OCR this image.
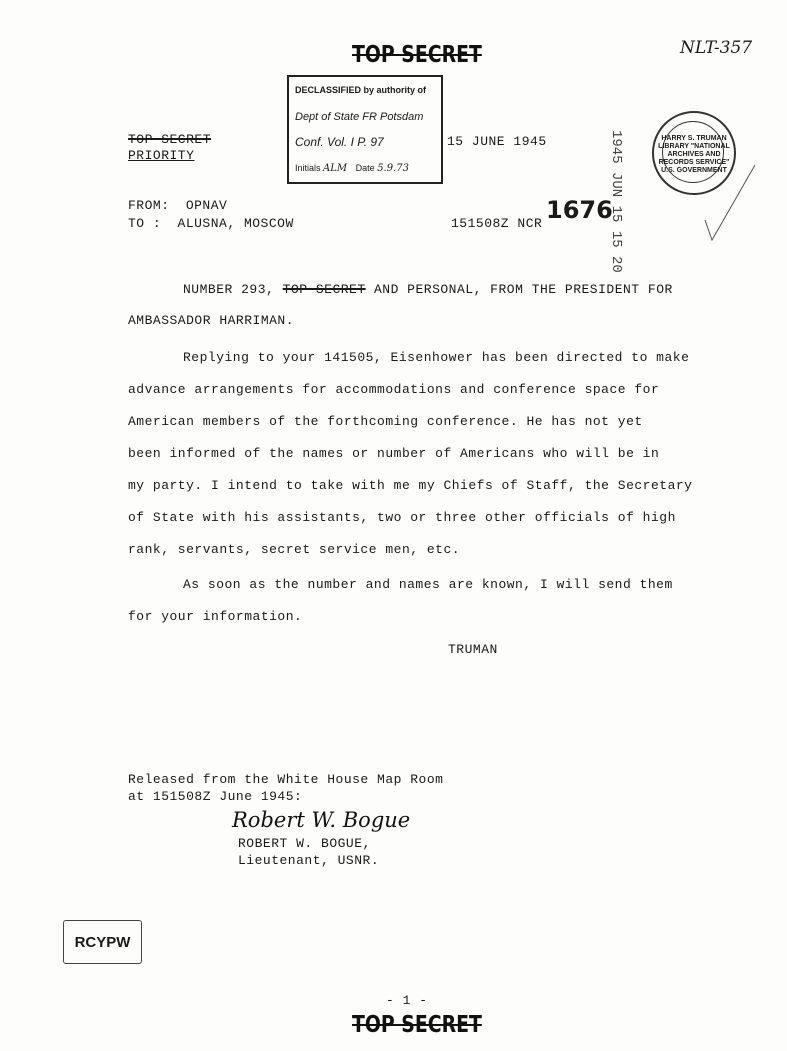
TOP SECRET	NLT-357
DECLASSIFIED by authority of
Dept of State FR Potsdam
Conf. Vol. I P. 97
Initials ALM Date 5.9.73
HARRY S. TRUMAN LIBRARY "NATIONAL ARCHIVES AND RECORDS SERVICE" U.S. GOVERNMENT
1945 JUN 15 15 20
TOP SECRET
PRIORITY
15 JUNE 1945
FROM: OPNAV
TO : ALUSNA, MOSCOW	151508Z NCR 1676
NUMBER 293, TOP SECRET AND PERSONAL, FROM THE PRESIDENT FOR
AMBASSADOR HARRIMAN.
Replying to your 141505, Eisenhower has been directed to make
advance arrangements for accommodations and conference space for
American members of the forthcoming conference. He has not yet
been informed of the names or number of Americans who will be in
my party. I intend to take with me my Chiefs of Staff, the Secretary
of State with his assistants, two or three other officials of high
rank, servants, secret service men, etc.
As soon as the number and names are known, I will send them
for your information.
TRUMAN
Released from the White House Map Room
at 151508Z June 1945:
Robert W. Bogue
ROBERT W. BOGUE,
Lieutenant, USNR.
RCYPW
- 1 -
TOP SECRET
